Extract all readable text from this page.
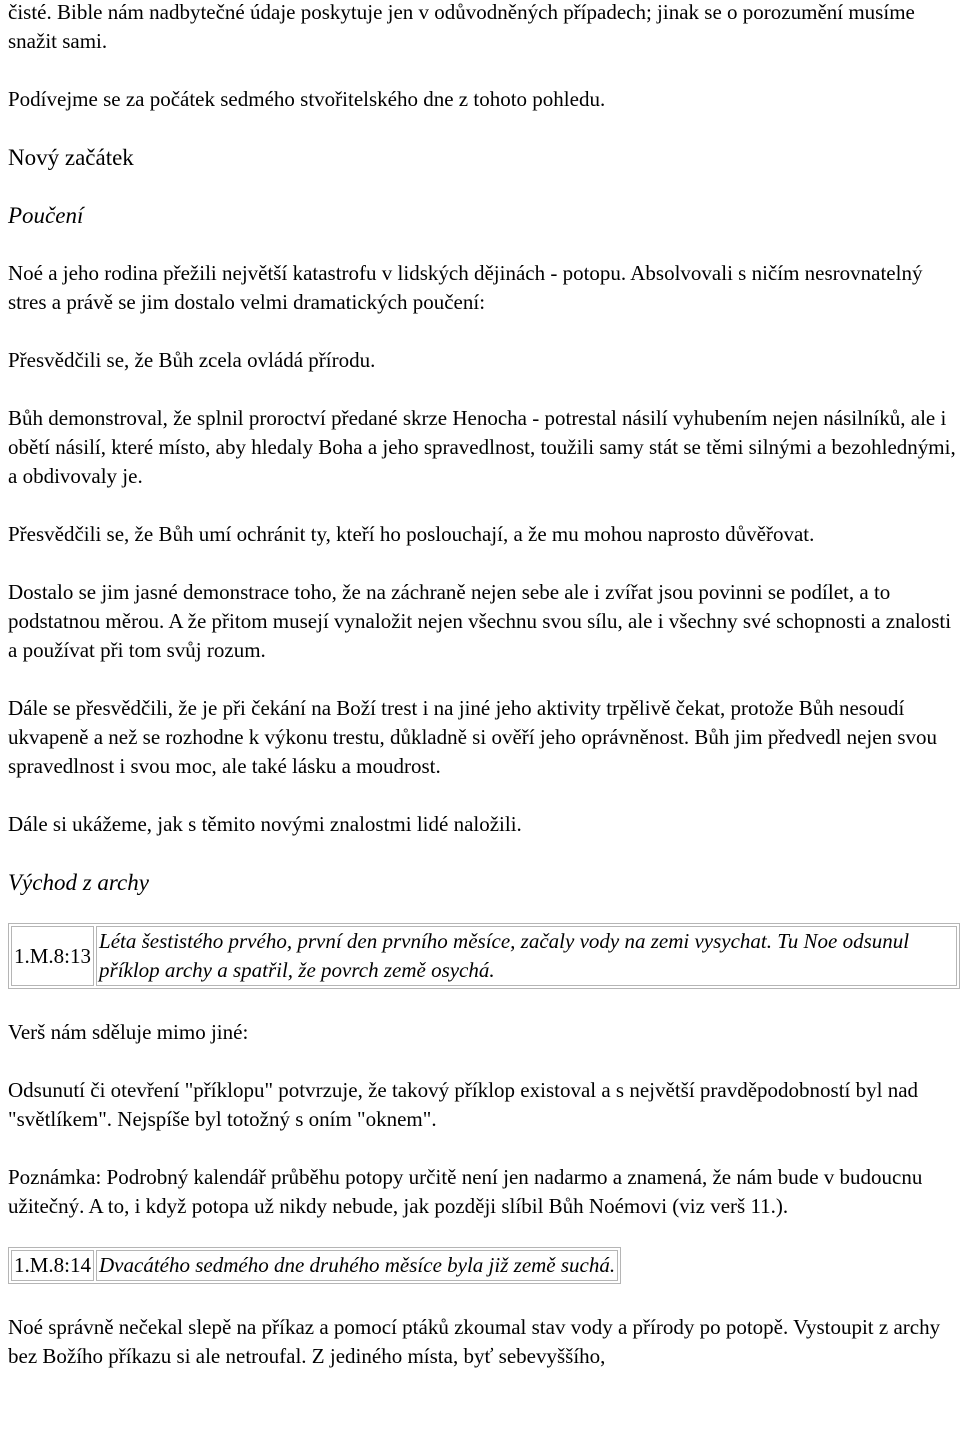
čisté. Bible nám nadbytečné údaje poskytuje jen v odůvodněných případech; jinak se o porozumění musíme snažit sami.

Podívejme se za počátek sedmého stvořitelského dne z tohoto pohledu.

Nový začátek

Poučení

Noé a jeho rodina přežili největší katastrofu v lidských dějinách - potopu. Absolvovali s ničím nesrovnatelný stres a právě se jim dostalo velmi dramatických poučení:

Přesvědčili se, že Bůh zcela ovládá přírodu.

Bůh demonstroval, že splnil proroctví předané skrze Henocha - potrestal násilí vyhubením nejen násilníků, ale i obětí násilí, které místo, aby hledaly Boha a jeho spravedlnost, toužili samy stát se těmi silnými a bezohlednými, a obdivovaly je.

Přesvědčili se, že Bůh umí ochránit ty, kteří ho poslouchají, a že mu mohou naprosto důvěřovat.

Dostalo se jim jasné demonstrace toho, že na záchraně nejen sebe ale i zvířat jsou povinni se podílet, a to podstatnou měrou. A že přitom musejí vynaložit nejen všechnu svou sílu, ale i všechny své schopnosti a znalosti a používat při tom svůj rozum.

Dále se přesvědčili, že je při čekání na Boží trest i na jiné jeho aktivity trpělivě čekat, protože Bůh nesoudí ukvapeně a než se rozhodne k výkonu trestu, důkladně si ověří jeho oprávněnost. Bůh jim předvedl nejen svou spravedlnost i svou moc, ale také lásku a moudrost.

Dále si ukážeme, jak s těmito novými znalostmi lidé naložili.

Východ z archy

1.M.8:13	Léta šestistého prvého, první den prvního měsíce, začaly vody na zemi vysychat. Tu Noe odsunul příklop archy a spatřil, že povrch země osychá.

Verš nám sděluje mimo jiné:

Odsunutí či otevření "příklopu" potvrzuje, že takový příklop existoval a s největší pravděpodobností byl nad "světlíkem". Nejspíše byl totožný s oním "oknem".

Poznámka: Podrobný kalendář průběhu potopy určitě není jen nadarmo a znamená, že nám bude v budoucnu užitečný. A to, i když potopa už nikdy nebude, jak později slíbil Bůh Noémovi (viz verš 11.).

1.M.8:14	Dvacátého sedmého dne druhého měsíce byla již země suchá.

Noé správně nečekal slepě na příkaz a pomocí ptáků zkoumal stav vody a přírody po potopě. Vystoupit z archy bez Božího příkazu si ale netroufal. Z jediného místa, byť sebevyššího,
